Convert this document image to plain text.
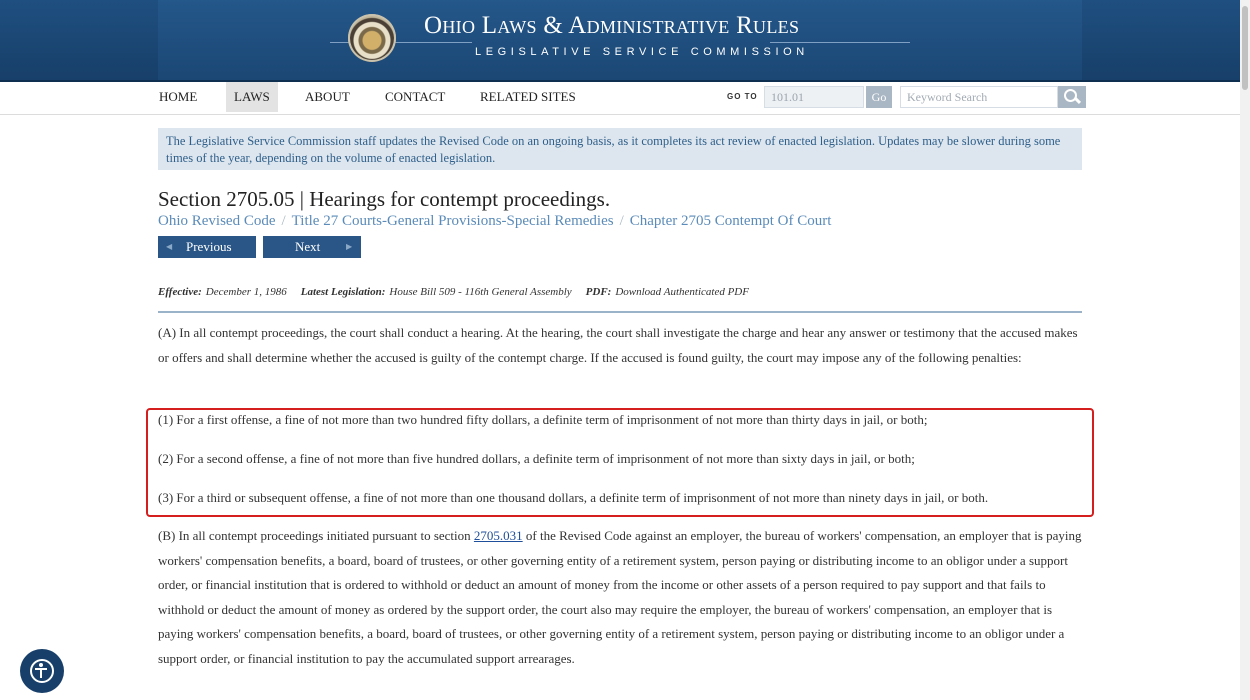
Ohio Laws & Administrative Rules
LEGISLATIVE SERVICE COMMISSION
HOME	LAWS	ABOUT	CONTACT	RELATED SITES	GO TO	101.01	Go	Keyword Search
The Legislative Service Commission staff updates the Revised Code on an ongoing basis, as it completes its act review of enacted legislation. Updates may be slower during some times of the year, depending on the volume of enacted legislation.
Section 2705.05 | Hearings for contempt proceedings.
Ohio Revised Code / Title 27 Courts-General Provisions-Special Remedies / Chapter 2705 Contempt Of Court
◀ Previous	Next	▶
Effective: December 1, 1986 Latest Legislation: House Bill 509 - 116th General Assembly PDF: Download Authenticated PDF
(A) In all contempt proceedings, the court shall conduct a hearing. At the hearing, the court shall investigate the charge and hear any answer or testimony that the accused makes or offers and shall determine whether the accused is guilty of the contempt charge. If the accused is found guilty, the court may impose any of the following penalties:
(1) For a first offense, a fine of not more than two hundred fifty dollars, a definite term of imprisonment of not more than thirty days in jail, or both;
(2) For a second offense, a fine of not more than five hundred dollars, a definite term of imprisonment of not more than sixty days in jail, or both;
(3) For a third or subsequent offense, a fine of not more than one thousand dollars, a definite term of imprisonment of not more than ninety days in jail, or both.
(B) In all contempt proceedings initiated pursuant to section 2705.031 of the Revised Code against an employer, the bureau of workers' compensation, an employer that is paying workers' compensation benefits, a board, board of trustees, or other governing entity of a retirement system, person paying or distributing income to an obligor under a support order, or financial institution that is ordered to withhold or deduct an amount of money from the income or other assets of a person required to pay support and that fails to withhold or deduct the amount of money as ordered by the support order, the court also may require the employer, the bureau of workers' compensation, an employer that is paying workers' compensation benefits, a board, board of trustees, or other governing entity of a retirement system, person paying or distributing income to an obligor under a support order, or financial institution to pay the accumulated support arrearages.
